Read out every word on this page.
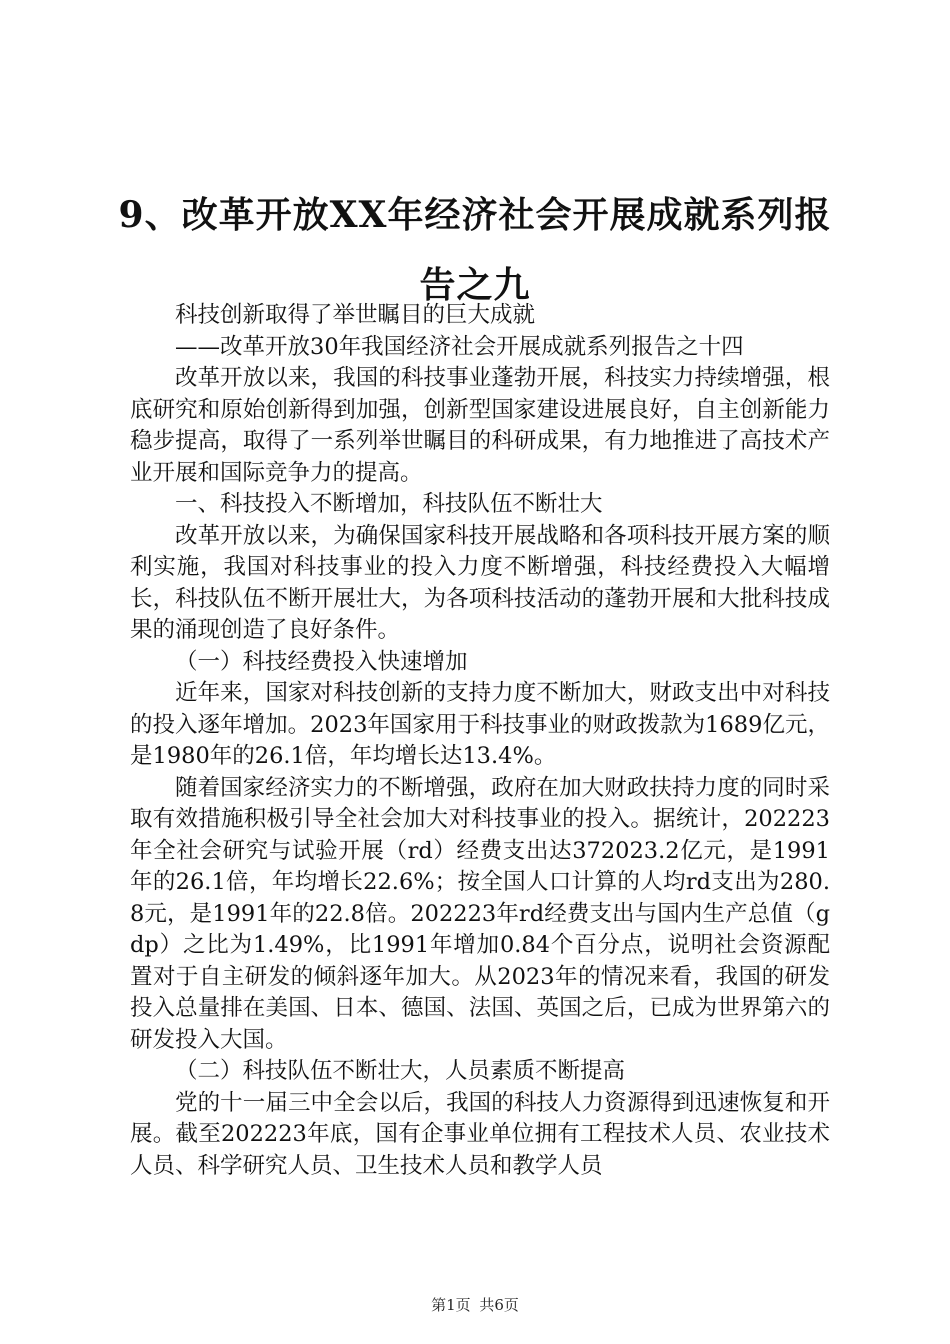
9、改革开放XX年经济社会开展成就系列报告之九

科技创新取得了举世瞩目的巨大成就

——改革开放30年我国经济社会开展成就系列报告之十四

改革开放以来，我国的科技事业蓬勃开展，科技实力持续增强，根底研究和原始创新得到加强，创新型国家建设进展良好，自主创新能力稳步提高，取得了一系列举世瞩目的科研成果，有力地推进了高技术产业开展和国际竞争力的提高。

一、科技投入不断增加，科技队伍不断壮大

改革开放以来，为确保国家科技开展战略和各项科技开展方案的顺利实施，我国对科技事业的投入力度不断增强，科技经费投入大幅增长，科技队伍不断开展壮大，为各项科技活动的蓬勃开展和大批科技成果的涌现创造了良好条件。

（一）科技经费投入快速增加

近年来，国家对科技创新的支持力度不断加大，财政支出中对科技的投入逐年增加。2023年国家用于科技事业的财政拨款为1689亿元，是1980年的26.1倍，年均增长达13.4%。

随着国家经济实力的不断增强，政府在加大财政扶持力度的同时采取有效措施积极引导全社会加大对科技事业的投入。据统计，202223年全社会研究与试验开展（rd）经费支出达372023.2亿元，是1991年的26.1倍，年均增长22.6%；按全国人口计算的人均rd支出为280.8元，是1991年的22.8倍。202223年rd经费支出与国内生产总值（gdp）之比为1.49%，比1991年增加0.84个百分点，说明社会资源配置对于自主研发的倾斜逐年加大。从2023年的情况来看，我国的研发投入总量排在美国、日本、德国、法国、英国之后，已成为世界第六的研发投入大国。

（二）科技队伍不断壮大，人员素质不断提高

党的十一届三中全会以后，我国的科技人力资源得到迅速恢复和开展。截至202223年底，国有企事业单位拥有工程技术人员、农业技术人员、科学研究人员、卫生技术人员和教学人员

第1页 共6页
